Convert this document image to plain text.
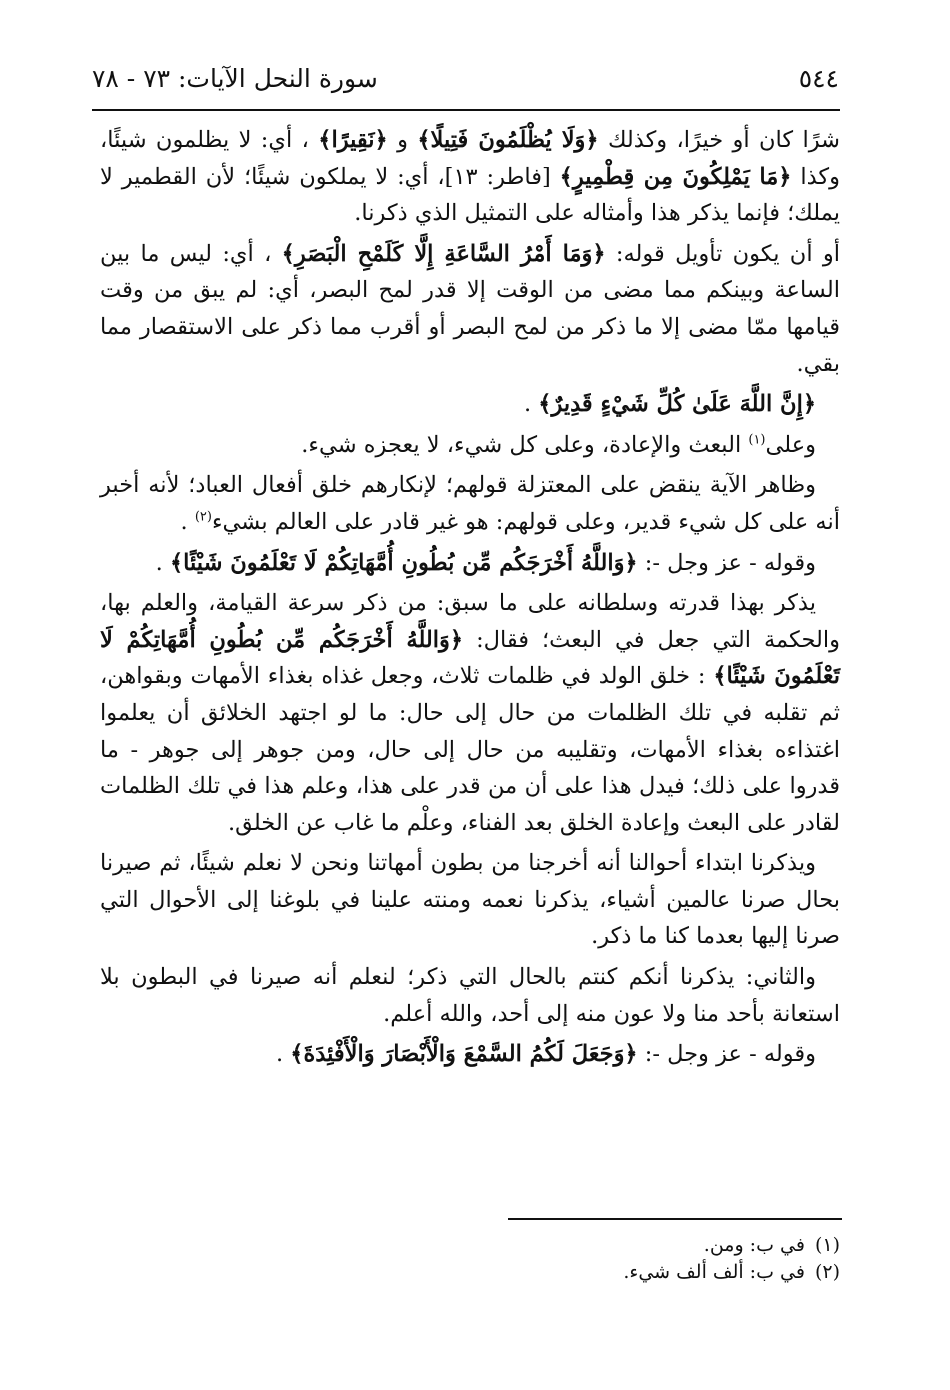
٥٤٤
سورة النحل الآيات: ٧٣ - ٧٨

شرًا كان أو خيرًا، وكذلك ﴿وَلَا يُظْلَمُونَ فَتِيلًا﴾ و ﴿نَقِيرًا﴾ ، أي: لا يظلمون شيئًا، وكذا ﴿مَا يَمْلِكُونَ مِن قِطْمِيرٍ﴾ [فاطر: ١٣]، أي: لا يملكون شيئًا؛ لأن القطمير لا يملك؛ فإنما يذكر هذا وأمثاله على التمثيل الذي ذكرنا.

أو أن يكون تأويل قوله: ﴿وَمَا أَمْرُ السَّاعَةِ إِلَّا كَلَمْحِ الْبَصَرِ﴾ ، أي: ليس ما بين الساعة وبينكم مما مضى من الوقت إلا قدر لمح البصر، أي: لم يبق من وقت قيامها ممّا مضى إلا ما ذكر من لمح البصر أو أقرب مما ذكر على الاستقصار مما بقي.

﴿إِنَّ اللَّهَ عَلَىٰ كُلِّ شَيْءٍ قَدِيرٌ﴾ .

وعلى$^{(١)}$ البعث والإعادة، وعلى كل شيء، لا يعجزه شيء.

وظاهر الآية ينقض على المعتزلة قولهم؛ لإنكارهم خلق أفعال العباد؛ لأنه أخبر أنه على كل شيء قدير، وعلى قولهم: هو غير قادر على العالم بشيء$^{(٢)}$ .

وقوله - عز وجل -: ﴿وَاللَّهُ أَخْرَجَكُم مِّن بُطُونِ أُمَّهَاتِكُمْ لَا تَعْلَمُونَ شَيْئًا﴾ .

يذكر بهذا قدرته وسلطانه على ما سبق: من ذكر سرعة القيامة، والعلم بها، والحكمة التي جعل في البعث؛ فقال: ﴿وَاللَّهُ أَخْرَجَكُم مِّن بُطُونِ أُمَّهَاتِكُمْ لَا تَعْلَمُونَ شَيْئًا﴾ : خلق الولد في ظلمات ثلاث، وجعل غذاه بغذاء الأمهات وبقواهن، ثم تقلبه في تلك الظلمات من حال إلى حال: ما لو اجتهد الخلائق أن يعلموا اغتذاءه بغذاء الأمهات، وتقليبه من حال إلى حال، ومن جوهر إلى جوهر - ما قدروا على ذلك؛ فيدل هذا على أن من قدر على هذا، وعلم هذا في تلك الظلمات لقادر على البعث وإعادة الخلق بعد الفناء، وعلْم ما غاب عن الخلق.

ويذكرنا ابتداء أحوالنا أنه أخرجنا من بطون أمهاتنا ونحن لا نعلم شيئًا، ثم صيرنا بحال صرنا عالمين أشياء، يذكرنا نعمه ومنته علينا في بلوغنا إلى الأحوال التي صرنا إليها بعدما كنا ما ذكر.

والثاني: يذكرنا أنكم كنتم بالحال التي ذكر؛ لنعلم أنه صيرنا في البطون بلا استعانة بأحد منا ولا عون منه إلى أحد، والله أعلم.

وقوله - عز وجل -: ﴿وَجَعَلَ لَكُمُ السَّمْعَ وَالْأَبْصَارَ وَالْأَفْئِدَةَ﴾ .

(١)في ب: ومن.

(٢)في ب: ألف ألف شيء.
